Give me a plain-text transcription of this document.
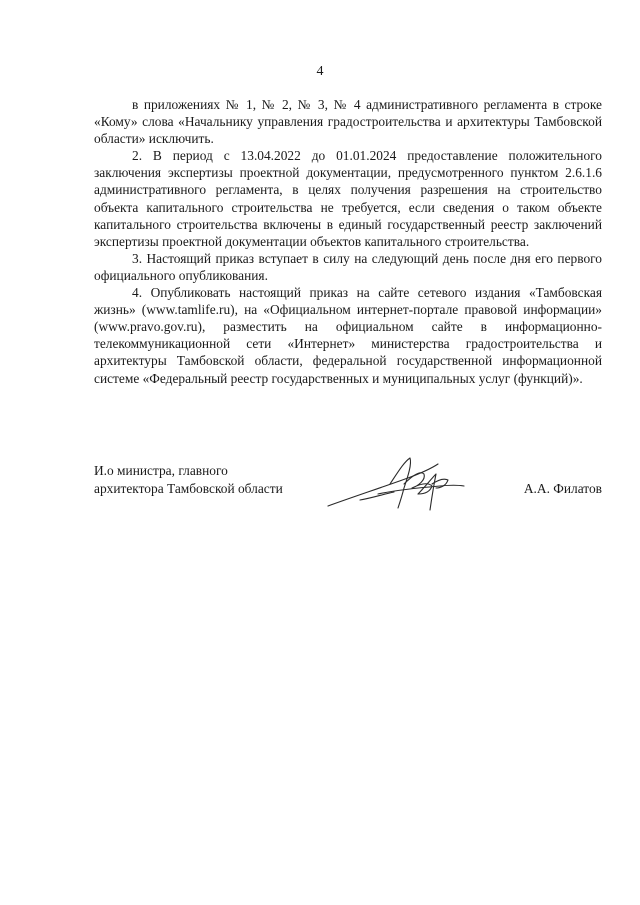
4

в приложениях № 1, № 2, № 3, № 4 административного регламента в строке «Кому» слова «Начальнику управления градостроительства и архитектуры Тамбовской области» исключить.

2. В период с 13.04.2022 до 01.01.2024 предоставление положительного заключения экспертизы проектной документации, предусмотренного пунктом 2.6.1.6 административного регламента, в целях получения разрешения на строительство объекта капитального строительства не требуется, если сведения о таком объекте капитального строительства включены в единый государственный реестр заключений экспертизы проектной документации объектов капитального строительства.

3. Настоящий приказ вступает в силу на следующий день после дня его первого официального опубликования.

4. Опубликовать настоящий приказ на сайте сетевого издания «Тамбовская жизнь» (www.tamlife.ru), на «Официальном интернет-портале правовой информации» (www.pravo.gov.ru), разместить на официальном сайте в информационно-телекоммуникационной сети «Интернет» министерства градостроительства и архитектуры Тамбовской области, федеральной государственной информационной системе «Федеральный реестр государственных и муниципальных услуг (функций)».

И.о министра, главного
архитектора Тамбовской области	А.А. Филатов
